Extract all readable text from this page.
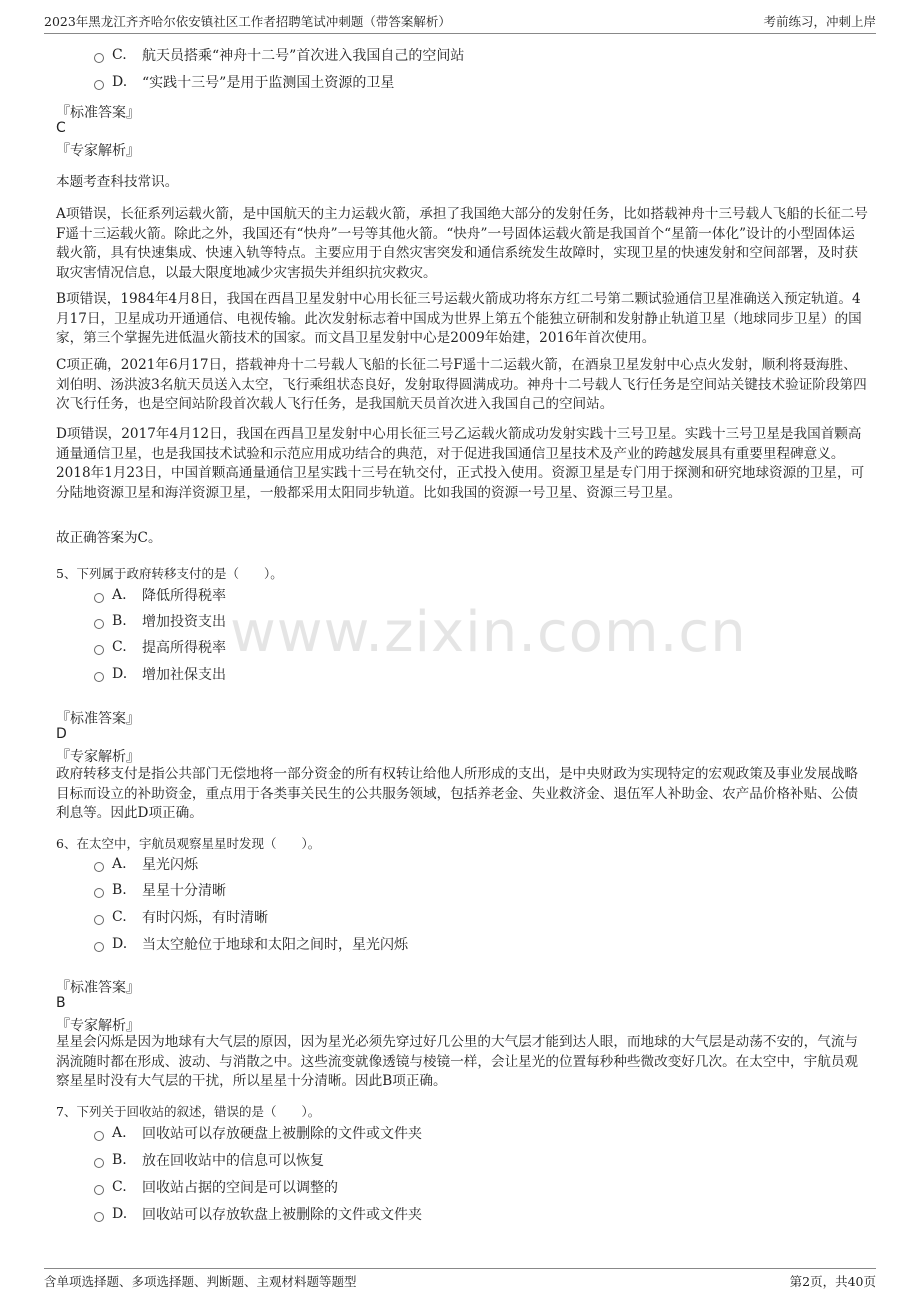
2023年黑龙江齐齐哈尔依安镇社区工作者招聘笔试冲刺题（带答案解析）	考前练习，冲刺上岸
www.zixin.com.cn
C.	航天员搭乘“神舟十二号”首次进入我国自己的空间站
D.	“实践十三号”是用于监测国土资源的卫星
『标准答案』
C
『专家解析』
本题考查科技常识。
A项错误，长征系列运载火箭，是中国航天的主力运载火箭，承担了我国绝大部分的发射任务，比如搭载神舟十三号载人飞船的长征二号F遥十三运载火箭。除此之外，我国还有“快舟”一号等其他火箭。“快舟”一号固体运载火箭是我国首个“星箭一体化”设计的小型固体运载火箭，具有快速集成、快速入轨等特点。主要应用于自然灾害突发和通信系统发生故障时，实现卫星的快速发射和空间部署，及时获取灾害情况信息，以最大限度地减少灾害损失并组织抗灾救灾。
B项错误，1984年4月8日，我国在西昌卫星发射中心用长征三号运载火箭成功将东方红二号第二颗试验通信卫星准确送入预定轨道。4月17日，卫星成功开通通信、电视传输。此次发射标志着中国成为世界上第五个能独立研制和发射静止轨道卫星（地球同步卫星）的国家，第三个掌握先进低温火箭技术的国家。而文昌卫星发射中心是2009年始建，2016年首次使用。
C项正确，2021年6月17日，搭载神舟十二号载人飞船的长征二号F遥十二运载火箭，在酒泉卫星发射中心点火发射，顺利将聂海胜、刘伯明、汤洪波3名航天员送入太空，飞行乘组状态良好，发射取得圆满成功。神舟十二号载人飞行任务是空间站关键技术验证阶段第四次飞行任务，也是空间站阶段首次载人飞行任务，是我国航天员首次进入我国自己的空间站。
D项错误，2017年4月12日，我国在西昌卫星发射中心用长征三号乙运载火箭成功发射实践十三号卫星。实践十三号卫星是我国首颗高通量通信卫星，也是我国技术试验和示范应用成功结合的典范，对于促进我国通信卫星技术及产业的跨越发展具有重要里程碑意义。2018年1月23日，中国首颗高通量通信卫星实践十三号在轨交付，正式投入使用。资源卫星是专门用于探测和研究地球资源的卫星，可分陆地资源卫星和海洋资源卫星，一般都采用太阳同步轨道。比如我国的资源一号卫星、资源三号卫星。
故正确答案为C。
5、下列属于政府转移支付的是（　　）。
A.	降低所得税率
B.	增加投资支出
C.	提高所得税率
D.	增加社保支出
『标准答案』
D
『专家解析』
政府转移支付是指公共部门无偿地将一部分资金的所有权转让给他人所形成的支出，是中央财政为实现特定的宏观政策及事业发展战略目标而设立的补助资金，重点用于各类事关民生的公共服务领域，包括养老金、失业救济金、退伍军人补助金、农产品价格补贴、公债利息等。因此D项正确。
6、在太空中，宇航员观察星星时发现（　　）。
A.	星光闪烁
B.	星星十分清晰
C.	有时闪烁，有时清晰
D.	当太空舱位于地球和太阳之间时，星光闪烁
『标准答案』
B
『专家解析』
星星会闪烁是因为地球有大气层的原因，因为星光必须先穿过好几公里的大气层才能到达人眼，而地球的大气层是动荡不安的，气流与涡流随时都在形成、波动、与消散之中。这些流变就像透镜与棱镜一样，会让星光的位置每秒种些微改变好几次。在太空中，宇航员观察星星时没有大气层的干扰，所以星星十分清晰。因此B项正确。
7、下列关于回收站的叙述，错误的是（　　）。
A.	回收站可以存放硬盘上被删除的文件或文件夹
B.	放在回收站中的信息可以恢复
C.	回收站占据的空间是可以调整的
D.	回收站可以存放软盘上被删除的文件或文件夹
含单项选择题、多项选择题、判断题、主观材料题等题型	第2页，共40页
